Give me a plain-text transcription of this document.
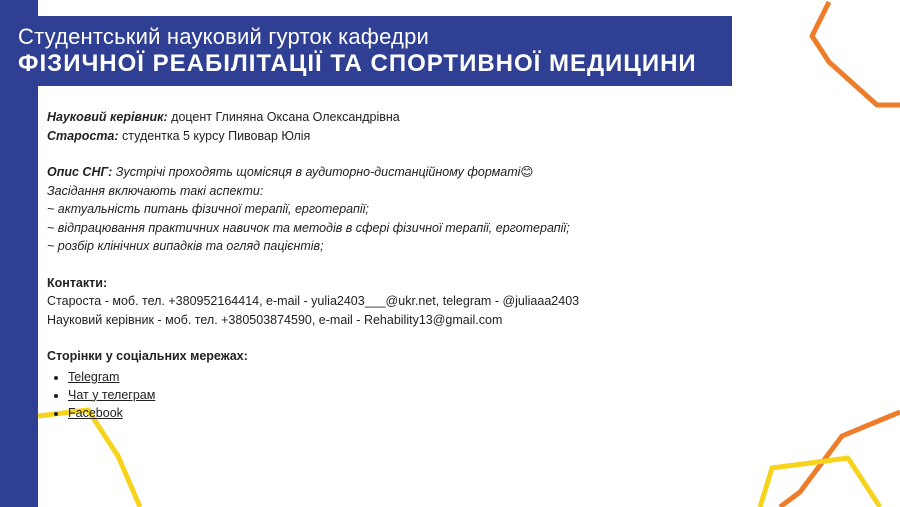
Студентський науковий гурток кафедри
ФІЗИЧНОЇ РЕАБІЛІТАЦІЇ ТА СПОРТИВНОЇ МЕДИЦИНИ

Науковий керівник: доцент Глиняна Оксана Олександрівна

Староста: студентка 5 курсу Пивовар Юлія

Опис СНГ: Зустрічі проходять щомісяця в аудиторно-дистанційному форматі😊

Засідання включають такі аспекти:

~ актуальність питань фізичної терапії, ерготерапії;

~ відпрацювання практичних навичок та методів в сфері фізичної терапії, ерготерапії;

~ розбір клінічних випадків та огляд пацієнтів;

Контакти:

Староста - моб. тел. +380952164414, e-mail - yulia2403___@ukr.net, telegram - @juliaaa2403

Науковий керівник - моб. тел. +380503874590, e-mail - Rehability13@gmail.com

Сторінки у соціальних мережах:

• Telegram
• Чат у телеграм
• Facebook
